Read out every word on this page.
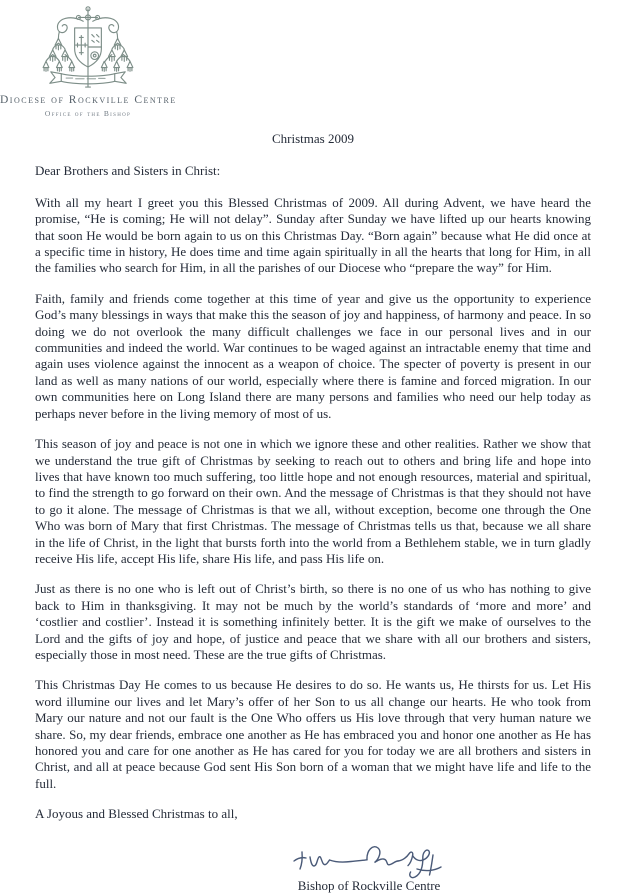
Diocese of Rockville Centre
Office of the Bishop
Christmas 2009
Dear Brothers and Sisters in Christ:

With all my heart I greet you this Blessed Christmas of 2009. All during Advent, we have heard the promise, “He is coming; He will not delay”. Sunday after Sunday we have lifted up our hearts knowing that soon He would be born again to us on this Christmas Day. “Born again” because what He did once at a specific time in history, He does time and time again spiritually in all the hearts that long for Him, in all the families who search for Him, in all the parishes of our Diocese who “prepare the way” for Him.

Faith, family and friends come together at this time of year and give us the opportunity to experience God’s many blessings in ways that make this the season of joy and happiness, of harmony and peace. In so doing we do not overlook the many difficult challenges we face in our personal lives and in our communities and indeed the world. War continues to be waged against an intractable enemy that time and again uses violence against the innocent as a weapon of choice. The specter of poverty is present in our land as well as many nations of our world, especially where there is famine and forced migration. In our own communities here on Long Island there are many persons and families who need our help today as perhaps never before in the living memory of most of us.

This season of joy and peace is not one in which we ignore these and other realities. Rather we show that we understand the true gift of Christmas by seeking to reach out to others and bring life and hope into lives that have known too much suffering, too little hope and not enough resources, material and spiritual, to find the strength to go forward on their own. And the message of Christmas is that they should not have to go it alone. The message of Christmas is that we all, without exception, become one through the One Who was born of Mary that first Christmas. The message of Christmas tells us that, because we all share in the life of Christ, in the light that bursts forth into the world from a Bethlehem stable, we in turn gladly receive His life, accept His life, share His life, and pass His life on.

Just as there is no one who is left out of Christ’s birth, so there is no one of us who has nothing to give back to Him in thanksgiving. It may not be much by the world’s standards of ‘more and more’ and ‘costlier and costlier’. Instead it is something infinitely better. It is the gift we make of ourselves to the Lord and the gifts of joy and hope, of justice and peace that we share with all our brothers and sisters, especially those in most need. These are the true gifts of Christmas.

This Christmas Day He comes to us because He desires to do so. He wants us, He thirsts for us. Let His word illumine our lives and let Mary’s offer of her Son to us all change our hearts. He who took from Mary our nature and not our fault is the One Who offers us His love through that very human nature we share. So, my dear friends, embrace one another as He has embraced you and honor one another as He has honored you and care for one another as He has cared for you for today we are all brothers and sisters in Christ, and all at peace because God sent His Son born of a woman that we might have life and life to the full.

A Joyous and Blessed Christmas to all,
Bishop of Rockville Centre
